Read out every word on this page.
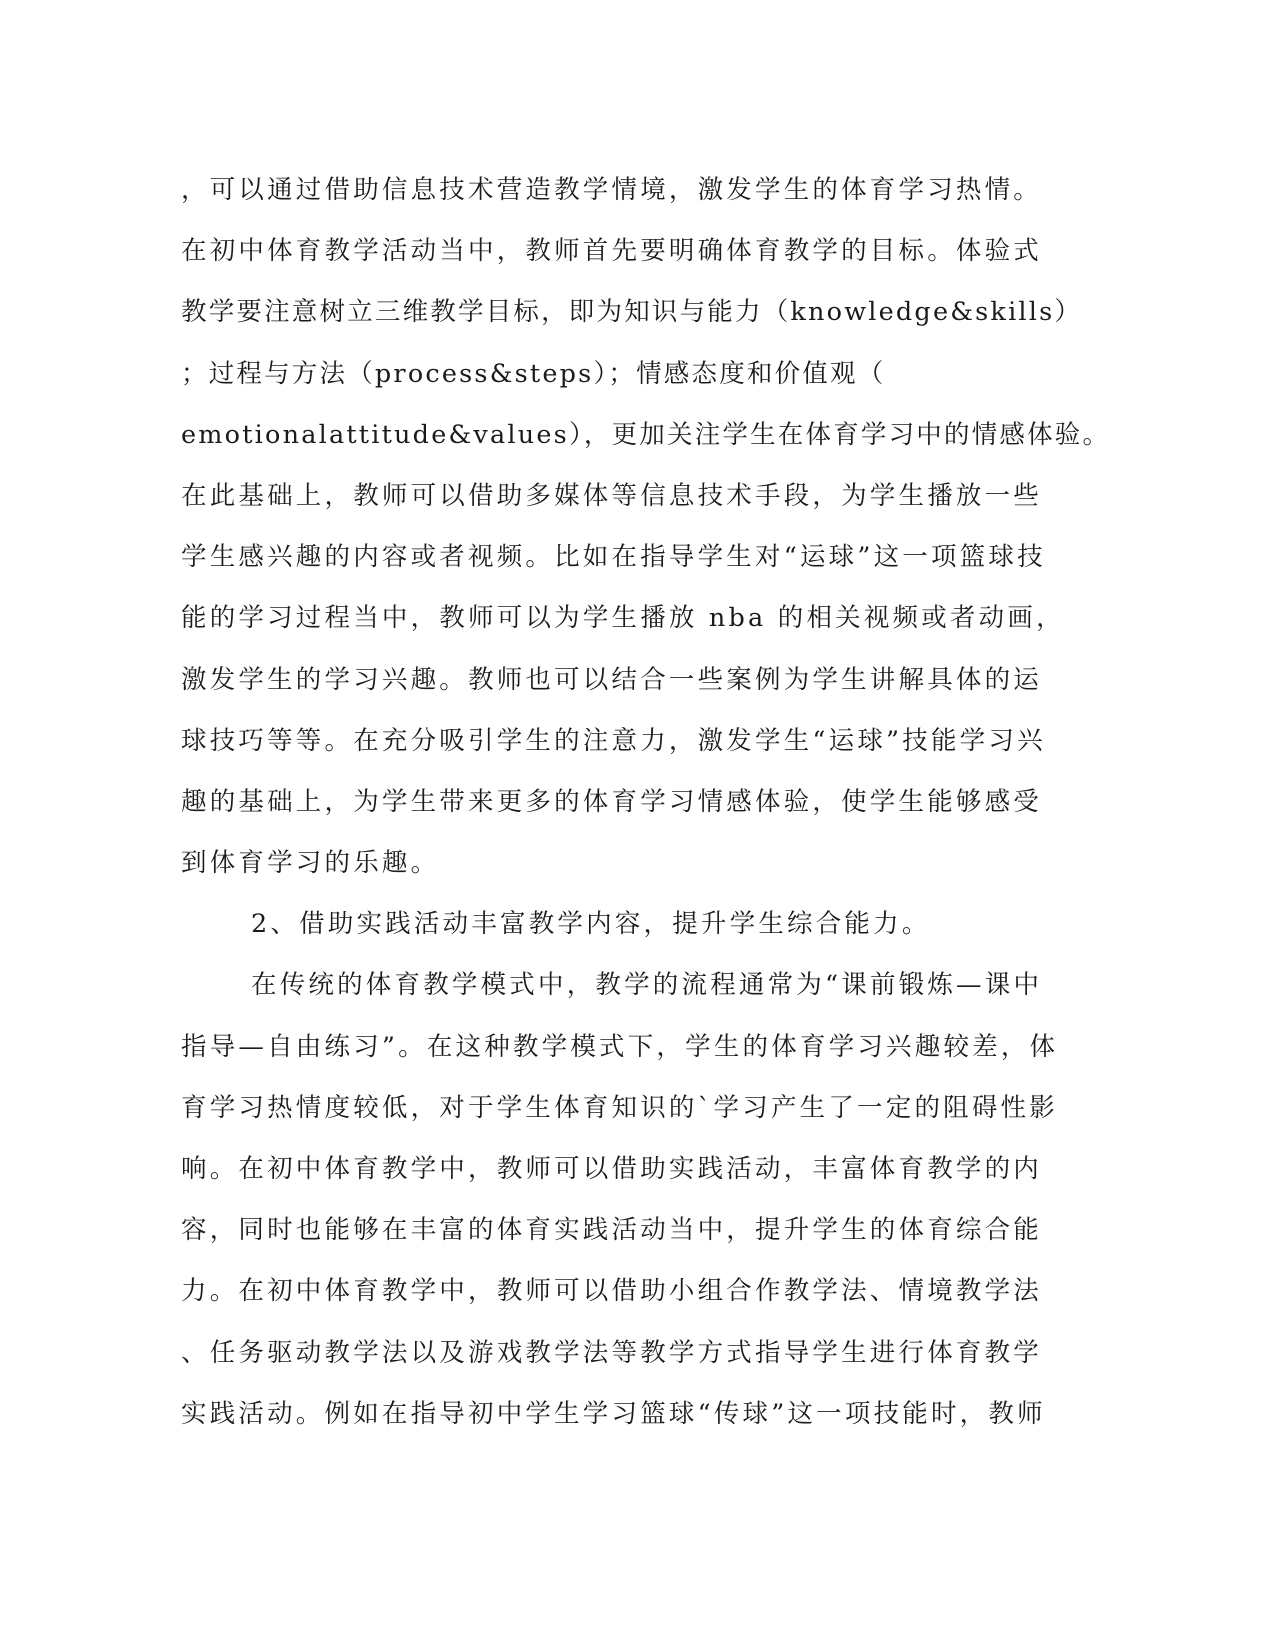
，可以通过借助信息技术营造教学情境，激发学生的体育学习热情。
在初中体育教学活动当中，教师首先要明确体育教学的目标。体验式
教学要注意树立三维教学目标，即为知识与能力（knowledge&skills）
；过程与方法（process&steps）；情感态度和价值观（
emotionalattitude&values），更加关注学生在体育学习中的情感体验。
在此基础上，教师可以借助多媒体等信息技术手段，为学生播放一些
学生感兴趣的内容或者视频。比如在指导学生对“运球”这一项篮球技
能的学习过程当中，教师可以为学生播放 nba 的相关视频或者动画，
激发学生的学习兴趣。教师也可以结合一些案例为学生讲解具体的运
球技巧等等。在充分吸引学生的注意力，激发学生“运球”技能学习兴
趣的基础上，为学生带来更多的体育学习情感体验，使学生能够感受
到体育学习的乐趣。
2、借助实践活动丰富教学内容，提升学生综合能力。
在传统的体育教学模式中，教学的流程通常为“课前锻炼—课中
指导—自由练习”。在这种教学模式下，学生的体育学习兴趣较差，体
育学习热情度较低，对于学生体育知识的`学习产生了一定的阻碍性影
响。在初中体育教学中，教师可以借助实践活动，丰富体育教学的内
容，同时也能够在丰富的体育实践活动当中，提升学生的体育综合能
力。在初中体育教学中，教师可以借助小组合作教学法、情境教学法
、任务驱动教学法以及游戏教学法等教学方式指导学生进行体育教学
实践活动。例如在指导初中学生学习篮球“传球”这一项技能时，教师
